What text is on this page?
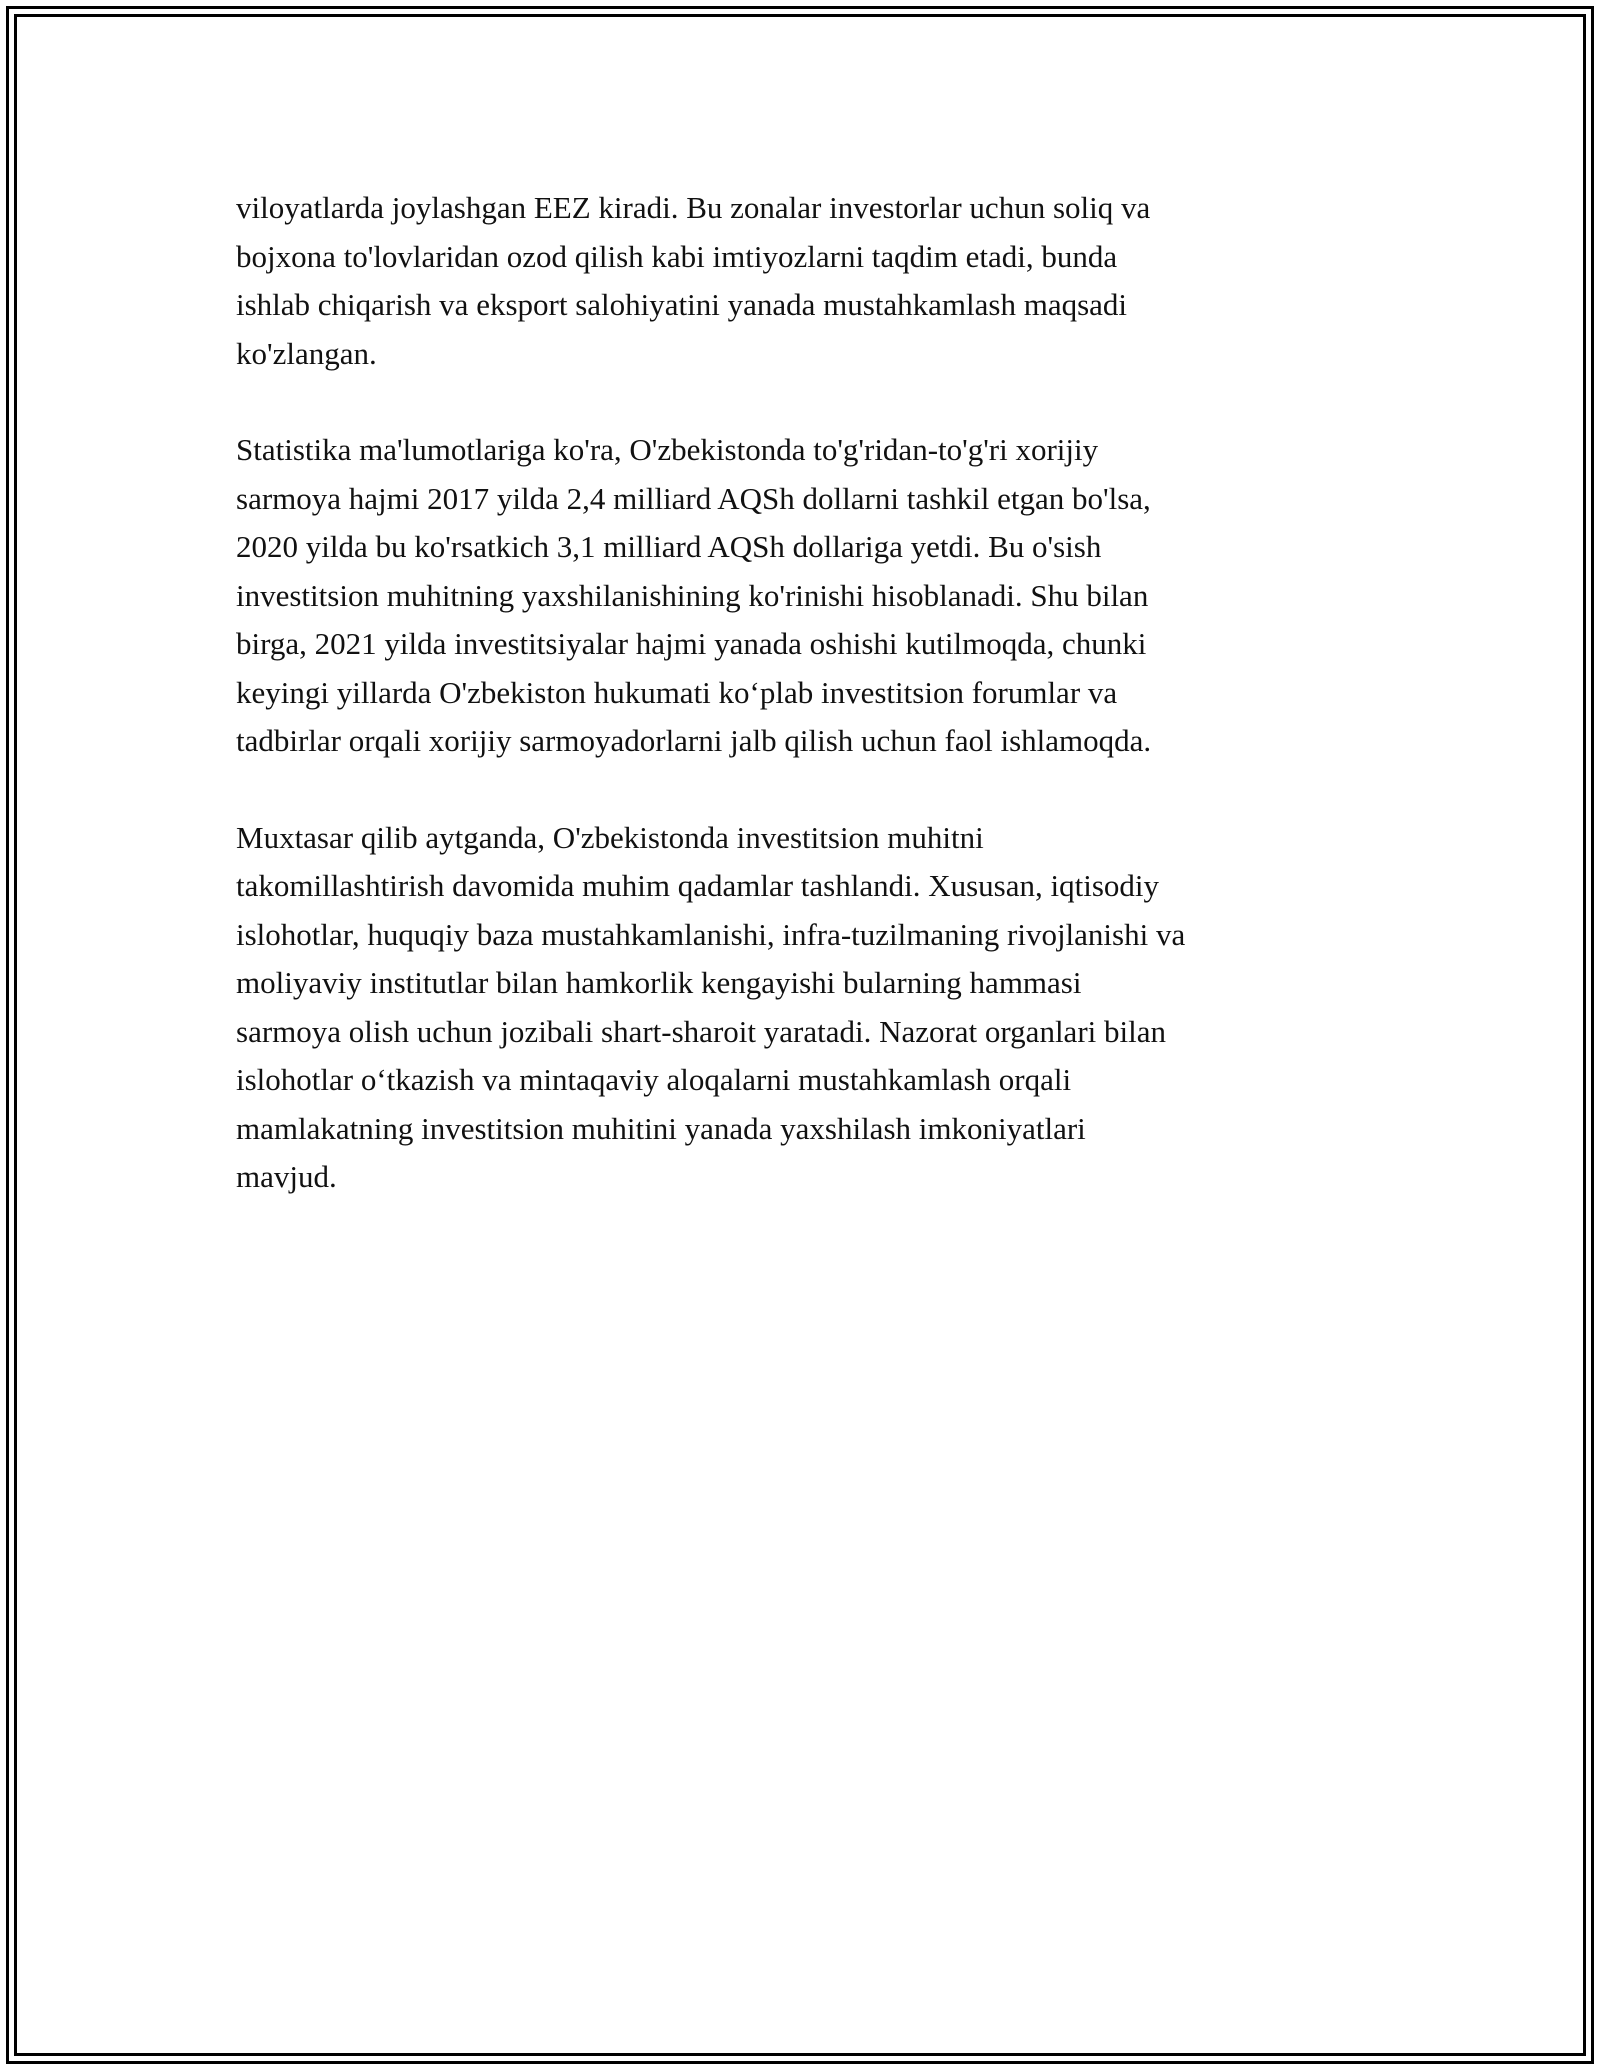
viloyatlarda joylashgan EEZ kiradi. Bu zonalar investorlar uchun soliq va
bojxona to'lovlaridan ozod qilish kabi imtiyozlarni taqdim etadi, bunda
ishlab chiqarish va eksport salohiyatini yanada mustahkamlash maqsadi
ko'zlangan.

Statistika ma'lumotlariga ko'ra, O'zbekistonda to'g'ridan-to'g'ri xorijiy
sarmoya hajmi 2017 yilda 2,4 milliard AQSh dollarni tashkil etgan bo'lsa,
2020 yilda bu ko'rsatkich 3,1 milliard AQSh dollariga yetdi. Bu o'sish
investitsion muhitning yaxshilanishining ko'rinishi hisoblanadi. Shu bilan
birga, 2021 yilda investitsiyalar hajmi yanada oshishi kutilmoqda, chunki
keyingi yillarda O'zbekiston hukumati ko‘plab investitsion forumlar va
tadbirlar orqali xorijiy sarmoyadorlarni jalb qilish uchun faol ishlamoqda.

Muxtasar qilib aytganda, O'zbekistonda investitsion muhitni
takomillashtirish davomida muhim qadamlar tashlandi. Xususan, iqtisodiy
islohotlar, huquqiy baza mustahkamlanishi, infra-tuzilmaning rivojlanishi va
moliyaviy institutlar bilan hamkorlik kengayishi bularning hammasi
sarmoya olish uchun jozibali shart-sharoit yaratadi. Nazorat organlari bilan
islohotlar o‘tkazish va mintaqaviy aloqalarni mustahkamlash orqali
mamlakatning investitsion muhitini yanada yaxshilash imkoniyatlari
mavjud.
